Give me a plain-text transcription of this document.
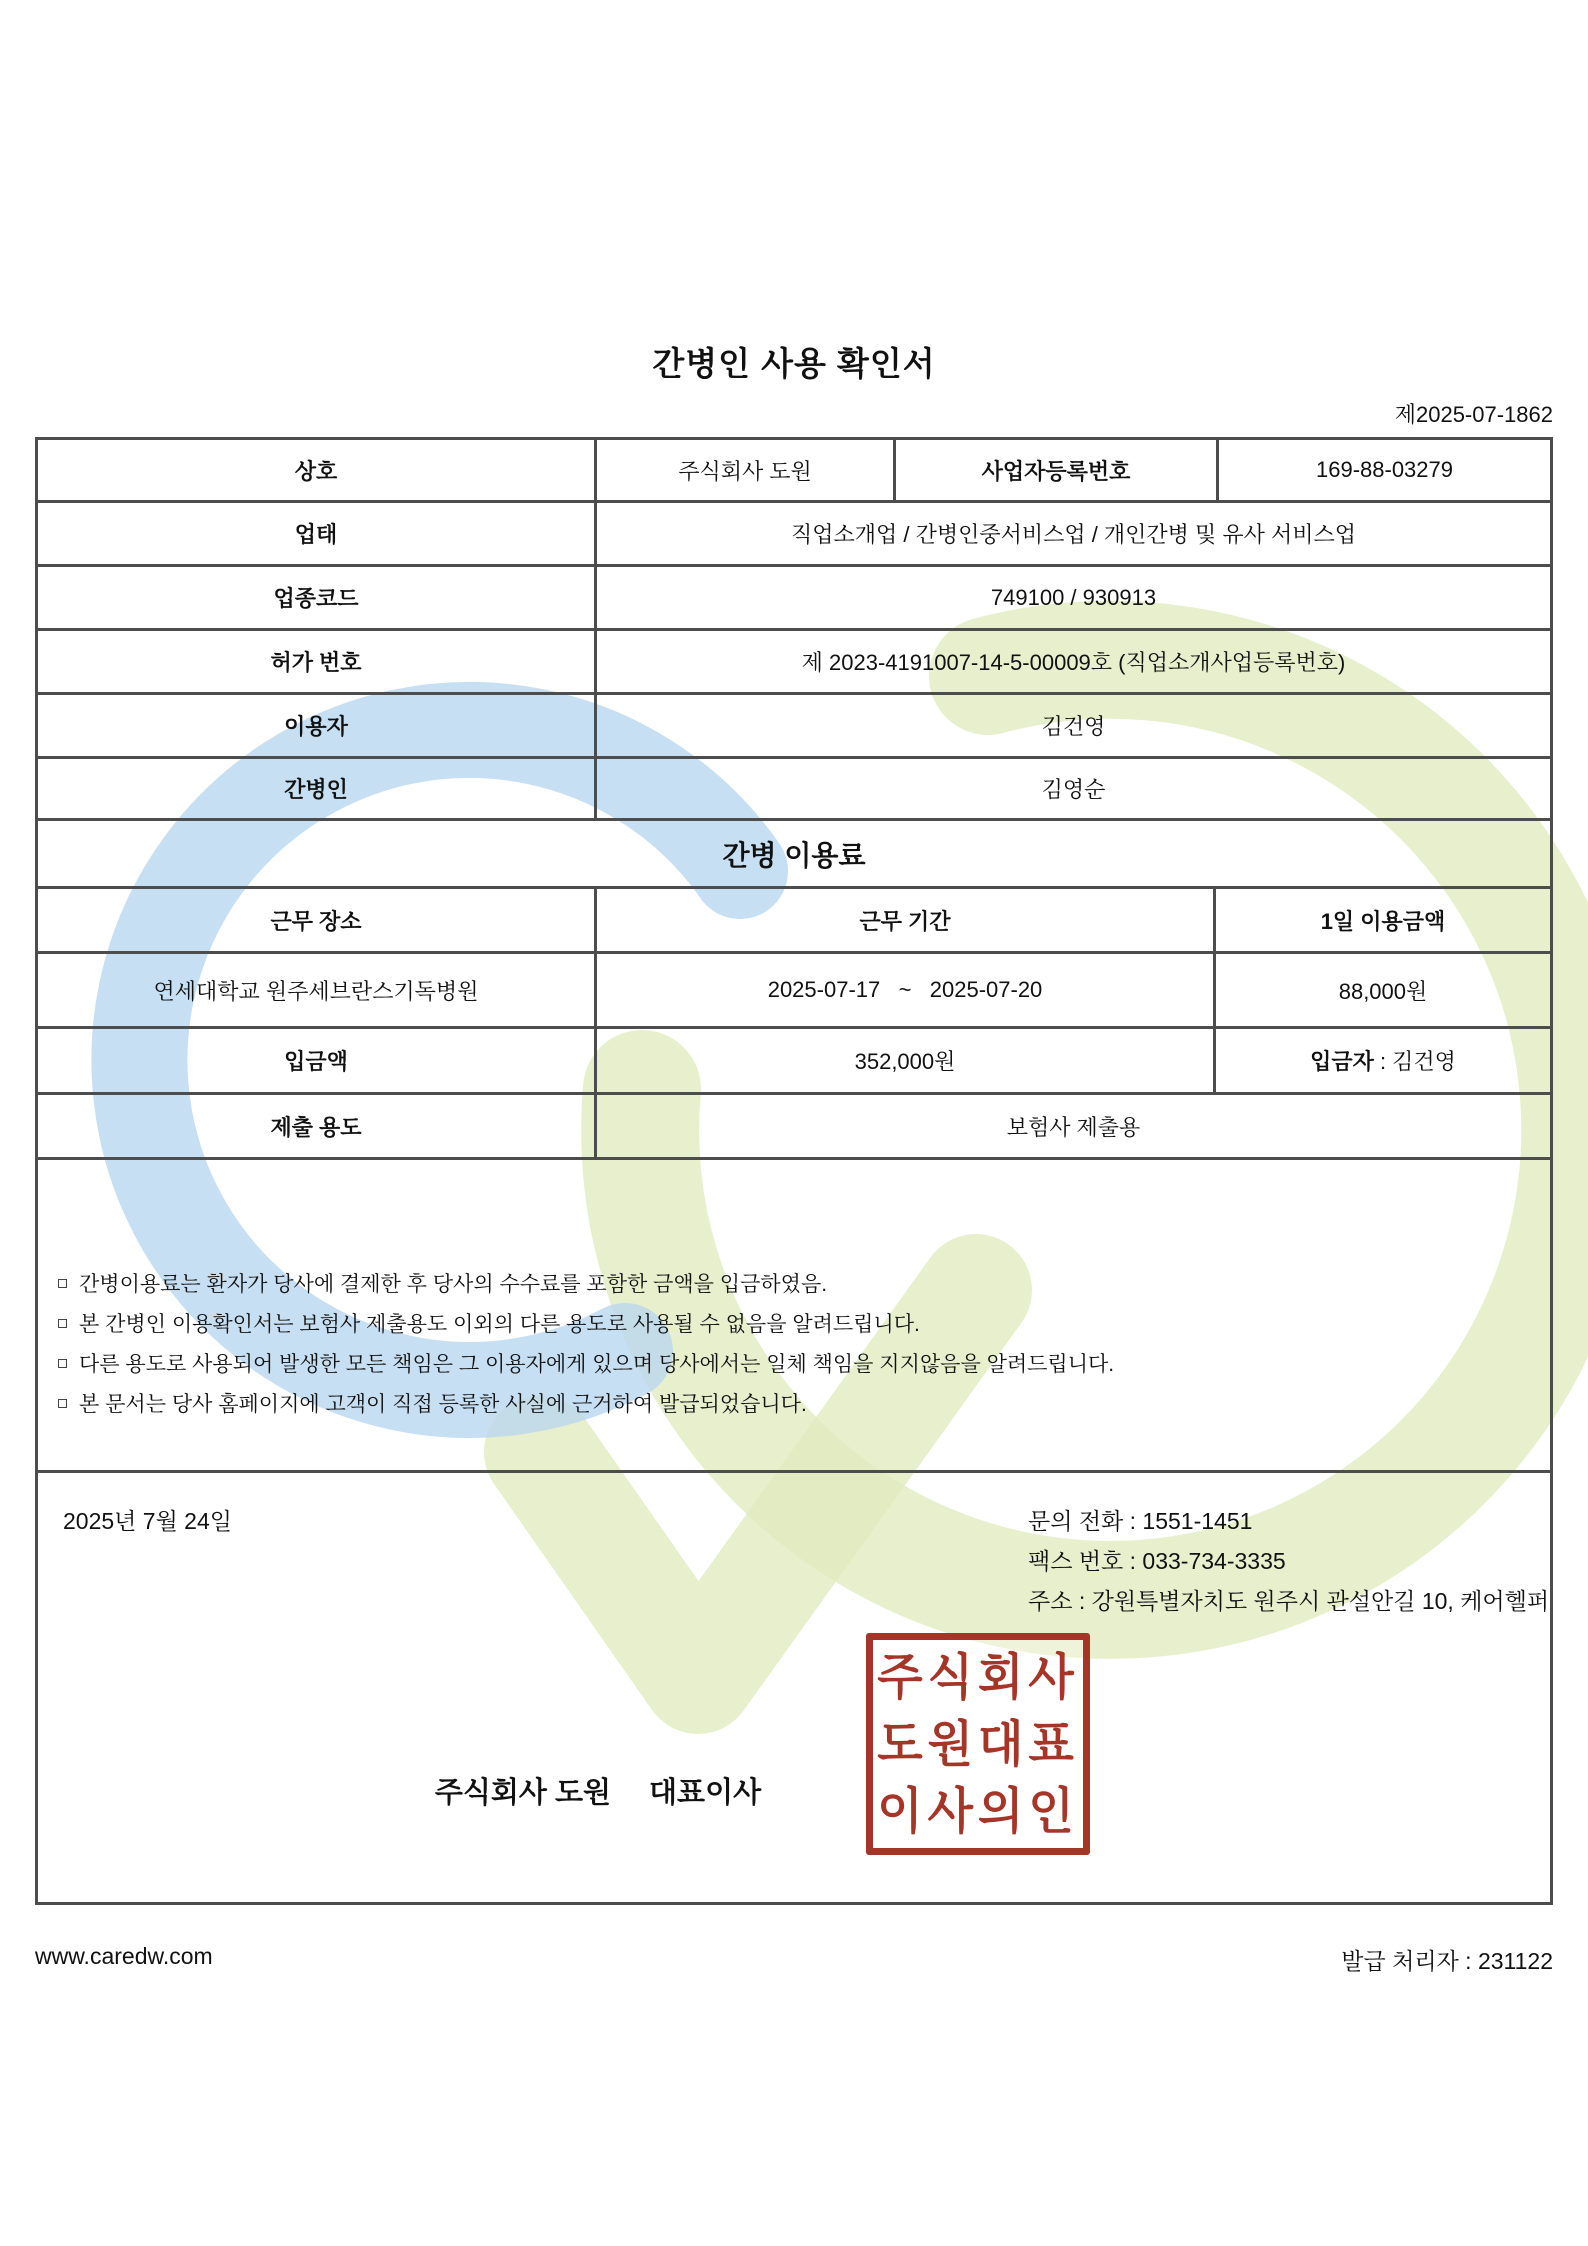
간병인 사용 확인서
제2025-07-1862
상호	주식회사 도원	사업자등록번호	169-88-03279
업태	직업소개업 / 간병인중서비스업 / 개인간병 및 유사 서비스업
업종코드	749100 / 930913
허가 번호	제 2023-4191007-14-5-00009호 (직업소개사업등록번호)
이용자	김건영
간병인	김영순
간병 이용료
근무 장소	근무 기간	1일 이용금액
연세대학교 원주세브란스기독병원	2025-07-17   ~   2025-07-20	88,000원
입금액	352,000원	입금자 : 김건영
제출 용도	보험사 제출용
간병이용료는 환자가 당사에 결제한 후 당사의 수수료를 포함한 금액을 입금하였음.
본 간병인 이용확인서는 보험사 제출용도 이외의 다른 용도로 사용될 수 없음을 알려드립니다.
다른 용도로 사용되어 발생한 모든 책임은 그 이용자에게 있으며 당사에서는 일체 책임을 지지않음을 알려드립니다.
본 문서는 당사 홈페이지에 고객이 직접 등록한 사실에 근거하여 발급되었습니다.
2025년 7월 24일	문의 전화 : 1551-1451
팩스 번호 : 033-734-3335
주소 : 강원특별자치도 원주시 관설안길 10, 케어헬퍼
주식회사 도원 대표이사
주식회사
도원대표
이사의인
www.caredw.com	발급 처리자 : 231122
